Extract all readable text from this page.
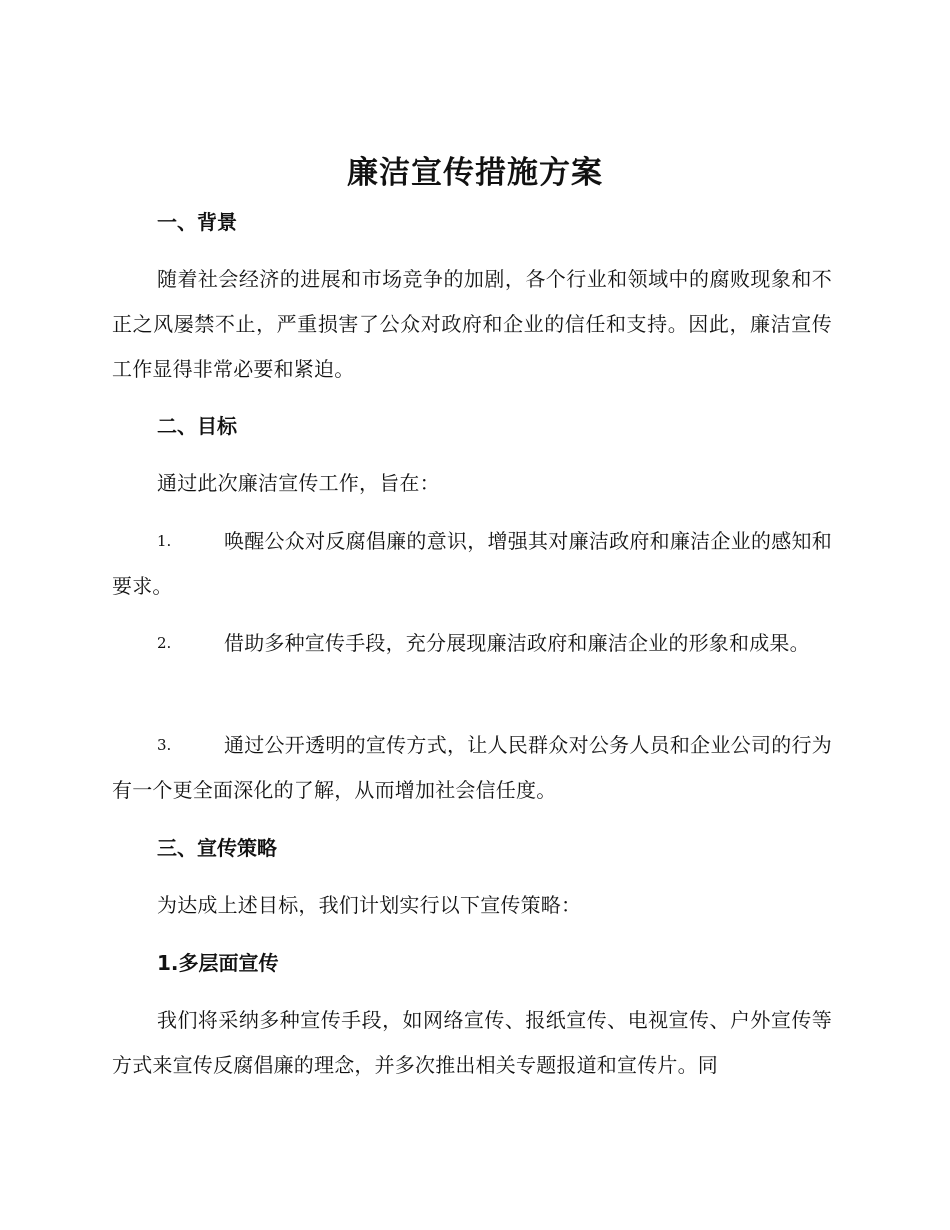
廉洁宣传措施方案
一、背景

随着社会经济的进展和市场竞争的加剧，各个行业和领域中的腐败现象和不正之风屡禁不止，严重损害了公众对政府和企业的信任和支持。因此，廉洁宣传工作显得非常必要和紧迫。

二、目标

通过此次廉洁宣传工作，旨在：

1.	唤醒公众对反腐倡廉的意识，增强其对廉洁政府和廉洁企业的感知和要求。
2.	借助多种宣传手段，充分展现廉洁政府和廉洁企业的形象和成果。
3.	通过公开透明的宣传方式，让人民群众对公务人员和企业公司的行为有一个更全面深化的了解，从而增加社会信任度。
三、宣传策略

为达成上述目标，我们计划实行以下宣传策略：

1.多层面宣传

我们将采纳多种宣传手段，如网络宣传、报纸宣传、电视宣传、户外宣传等方式来宣传反腐倡廉的理念，并多次推出相关专题报道和宣传片。同
